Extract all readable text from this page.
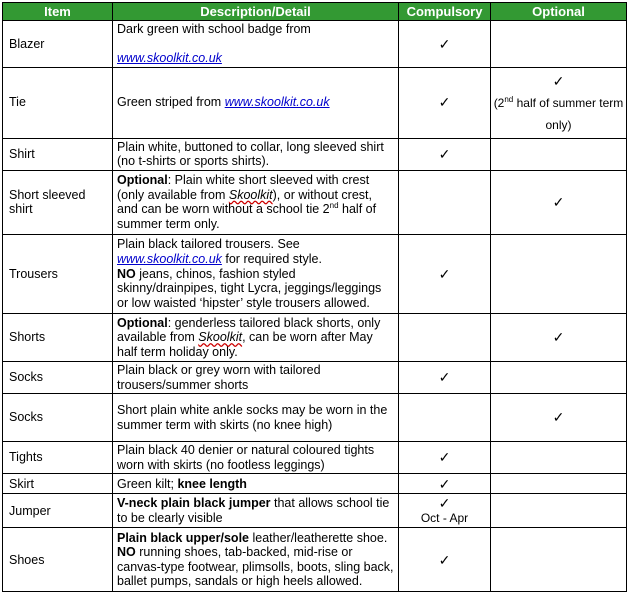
Item	Description/Detail	Compulsory	Optional
Blazer	Dark green with school badge from

www.skoolkit.co.uk	✓	

Tie	Green striped from www.skoolkit.co.uk	✓	✓
(2nd half of summer term only)
Shirt	Plain white, buttoned to collar, long sleeved shirt (no t-shirts or sports shirts).	✓	

Short sleeved shirt	Optional: Plain white short sleeved with crest (only available from Skoolkit), or without crest, and can be worn without a school tie 2nd half of summer term only.		✓

Trousers	Plain black tailored trousers. See
www.skoolkit.co.uk for required style.
NO jeans, chinos, fashion styled skinny/drainpipes, tight Lycra, jeggings/leggings or low waisted ‘hipster’ style trousers allowed.	✓	

Shorts	Optional: genderless tailored black shorts, only available from Skoolkit, can be worn after May half term holiday only.		✓

Socks	Plain black or grey worn with tailored trousers/summer shorts	✓	

Socks	Short plain white ankle socks may be worn in the summer term with skirts (no knee high)		✓

Tights	Plain black 40 denier or natural coloured tights worn with skirts (no footless leggings)	✓	

Skirt	Green kilt; knee length	✓	

Jumper	V-neck plain black jumper that allows school tie to be clearly visible	✓
Oct - Apr	
Shoes	Plain black upper/sole leather/leatherette shoe. NO running shoes, tab-backed, mid-rise or canvas-type footwear, plimsolls, boots, sling back, ballet pumps, sandals or high heels allowed.	✓	
